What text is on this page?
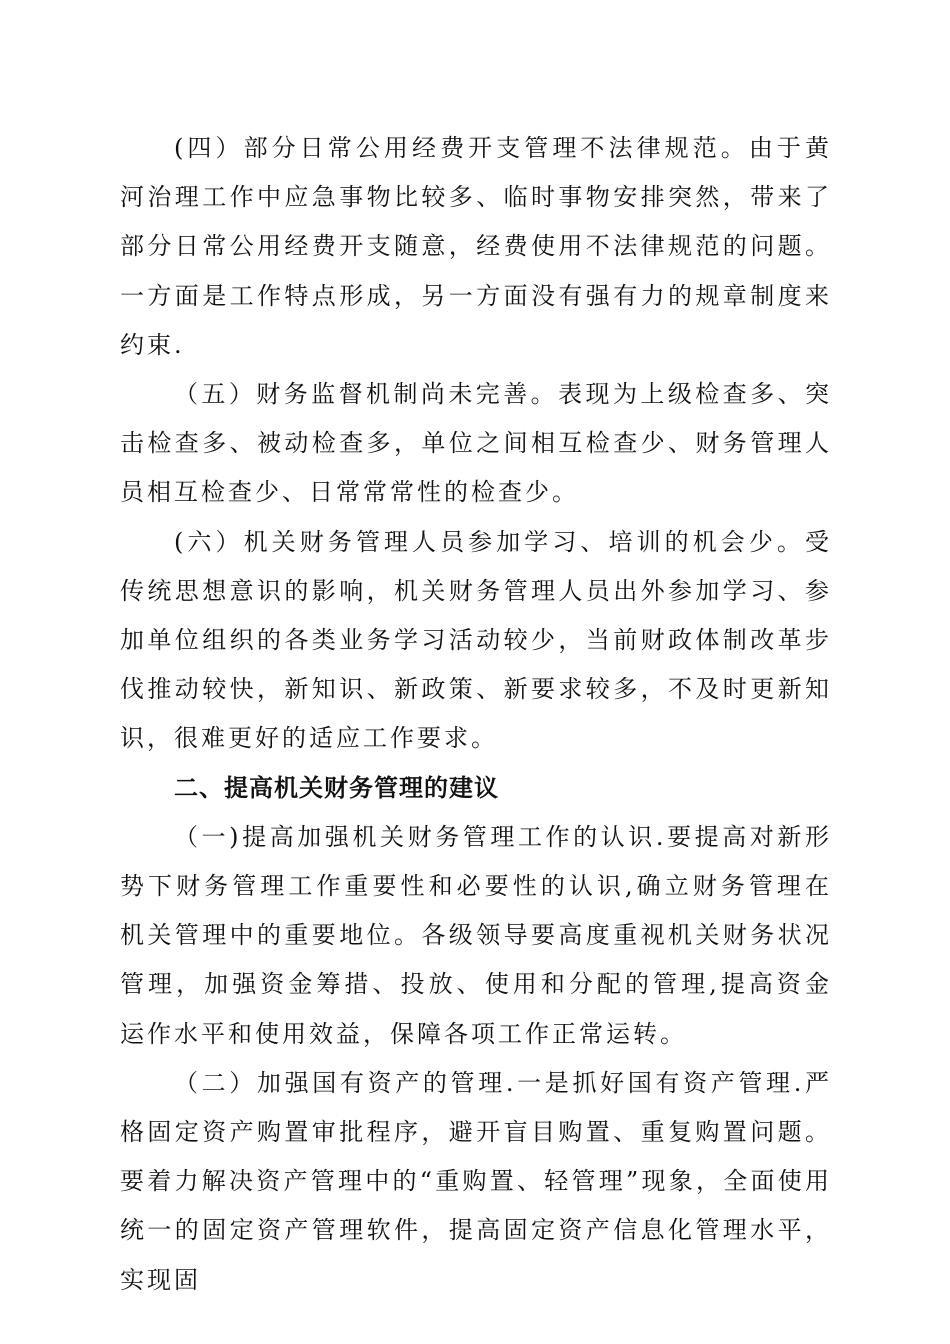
(四）部分日常公用经费开支管理不法律规范。由于黄河治理工作中应急事物比较多、临时事物安排突然，带来了部分日常公用经费开支随意，经费使用不法律规范的问题。一方面是工作特点形成，另一方面没有强有力的规章制度来约束.

（五）财务监督机制尚未完善。表现为上级检查多、突击检查多、被动检查多，单位之间相互检查少、财务管理人员相互检查少、日常常常性的检查少。

(六）机关财务管理人员参加学习、培训的机会少。受传统思想意识的影响，机关财务管理人员出外参加学习、参加单位组织的各类业务学习活动较少，当前财政体制改革步伐推动较快，新知识、新政策、新要求较多，不及时更新知识，很难更好的适应工作要求。

二、提高机关财务管理的建议

（一)提高加强机关财务管理工作的认识.要提高对新形势下财务管理工作重要性和必要性的认识,确立财务管理在机关管理中的重要地位。各级领导要高度重视机关财务状况管理，加强资金筹措、投放、使用和分配的管理,提高资金运作水平和使用效益，保障各项工作正常运转。

（二）加强国有资产的管理.一是抓好国有资产管理.严格固定资产购置审批程序，避开盲目购置、重复购置问题。要着力解决资产管理中的“重购置、轻管理”现象，全面使用统一的固定资产管理软件，提高固定资产信息化管理水平，实现固
